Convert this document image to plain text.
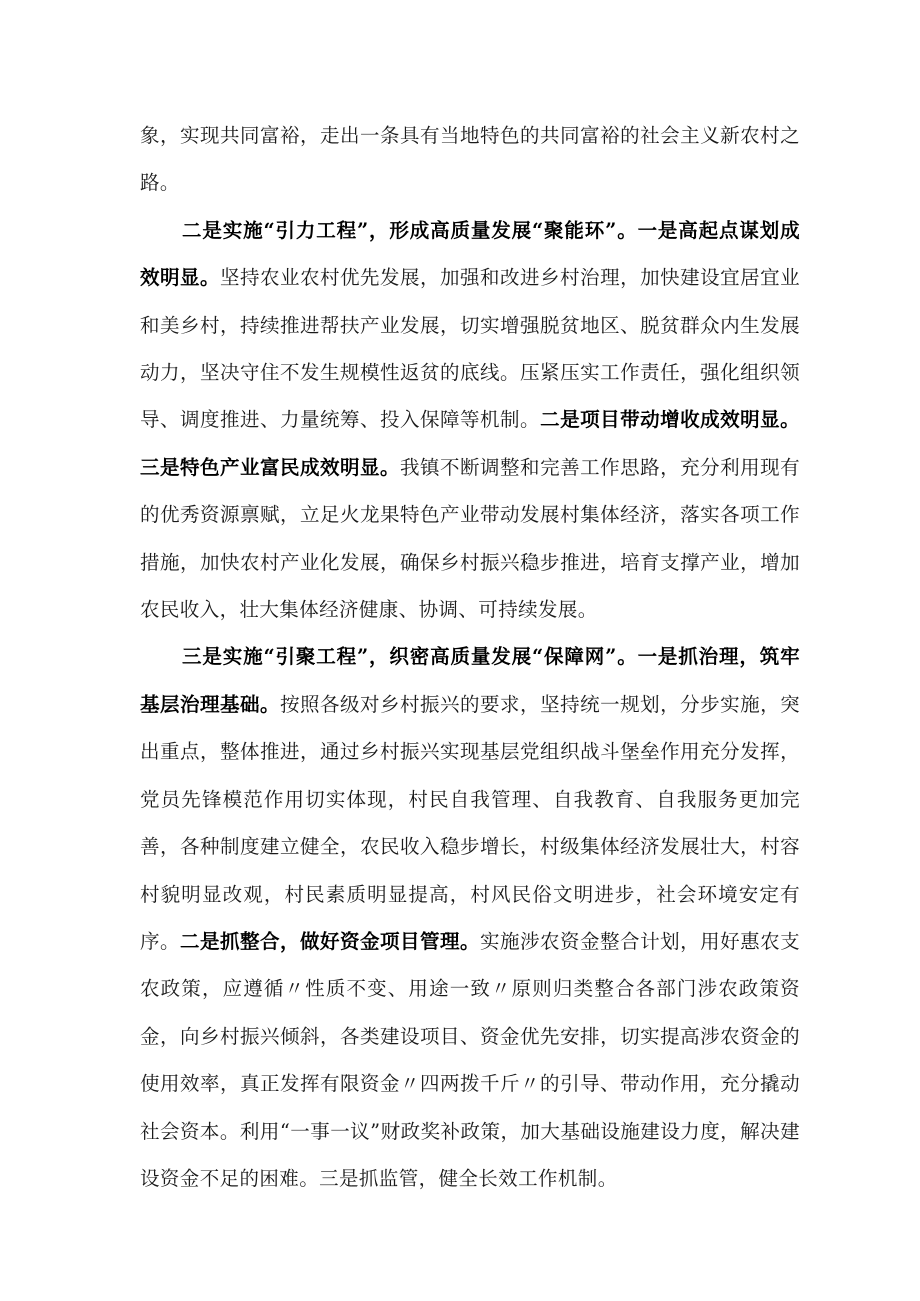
象，实现共同富裕，走出一条具有当地特色的共同富裕的社会主义新农村之路。

二是实施“引力工程”，形成高质量发展“聚能环”。一是高起点谋划成效明显。坚持农业农村优先发展，加强和改进乡村治理，加快建设宜居宜业和美乡村，持续推进帮扶产业发展，切实增强脱贫地区、脱贫群众内生发展动力，坚决守住不发生规模性返贫的底线。压紧压实工作责任，强化组织领导、调度推进、力量统筹、投入保障等机制。二是项目带动增收成效明显。三是特色产业富民成效明显。我镇不断调整和完善工作思路，充分利用现有的优秀资源禀赋，立足火龙果特色产业带动发展村集体经济，落实各项工作措施，加快农村产业化发展，确保乡村振兴稳步推进，培育支撑产业，增加农民收入，壮大集体经济健康、协调、可持续发展。

三是实施“引聚工程”，织密高质量发展“保障网”。一是抓治理，筑牢基层治理基础。按照各级对乡村振兴的要求，坚持统一规划，分步实施，突出重点，整体推进，通过乡村振兴实现基层党组织战斗堡垒作用充分发挥，党员先锋模范作用切实体现，村民自我管理、自我教育、自我服务更加完善，各种制度建立健全，农民收入稳步增长，村级集体经济发展壮大，村容村貌明显改观，村民素质明显提高，村风民俗文明进步，社会环境安定有序。二是抓整合，做好资金项目管理。实施涉农资金整合计划，用好惠农支农政策，应遵循〃性质不变、用途一致〃原则归类整合各部门涉农政策资金，向乡村振兴倾斜，各类建设项目、资金优先安排，切实提高涉农资金的使用效率，真正发挥有限资金〃四两拨千斤〃的引导、带动作用，充分撬动社会资本。利用“一事一议”财政奖补政策，加大基础设施建设力度，解决建设资金不足的困难。三是抓监管，健全长效工作机制。
